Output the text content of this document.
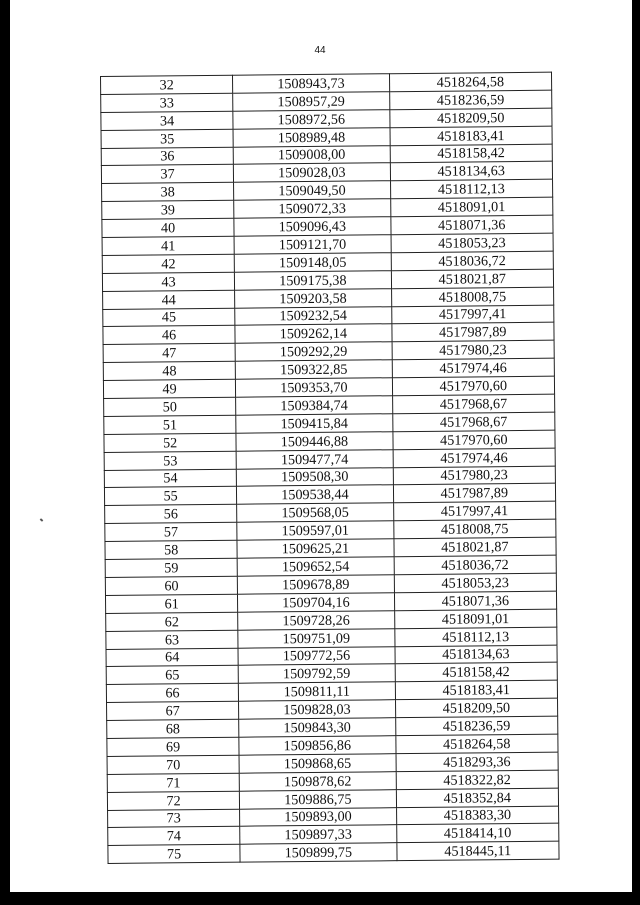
44
32	1508943,73	4518264,58
33	1508957,29	4518236,59
34	1508972,56	4518209,50
35	1508989,48	4518183,41
36	1509008,00	4518158,42
37	1509028,03	4518134,63
38	1509049,50	4518112,13
39	1509072,33	4518091,01
40	1509096,43	4518071,36
41	1509121,70	4518053,23
42	1509148,05	4518036,72
43	1509175,38	4518021,87
44	1509203,58	4518008,75
45	1509232,54	4517997,41
46	1509262,14	4517987,89
47	1509292,29	4517980,23
48	1509322,85	4517974,46
49	1509353,70	4517970,60
50	1509384,74	4517968,67
51	1509415,84	4517968,67
52	1509446,88	4517970,60
53	1509477,74	4517974,46
54	1509508,30	4517980,23
55	1509538,44	4517987,89
56	1509568,05	4517997,41
57	1509597,01	4518008,75
58	1509625,21	4518021,87
59	1509652,54	4518036,72
60	1509678,89	4518053,23
61	1509704,16	4518071,36
62	1509728,26	4518091,01
63	1509751,09	4518112,13
64	1509772,56	4518134,63
65	1509792,59	4518158,42
66	1509811,11	4518183,41
67	1509828,03	4518209,50
68	1509843,30	4518236,59
69	1509856,86	4518264,58
70	1509868,65	4518293,36
71	1509878,62	4518322,82
72	1509886,75	4518352,84
73	1509893,00	4518383,30
74	1509897,33	4518414,10
75	1509899,75	4518445,11
